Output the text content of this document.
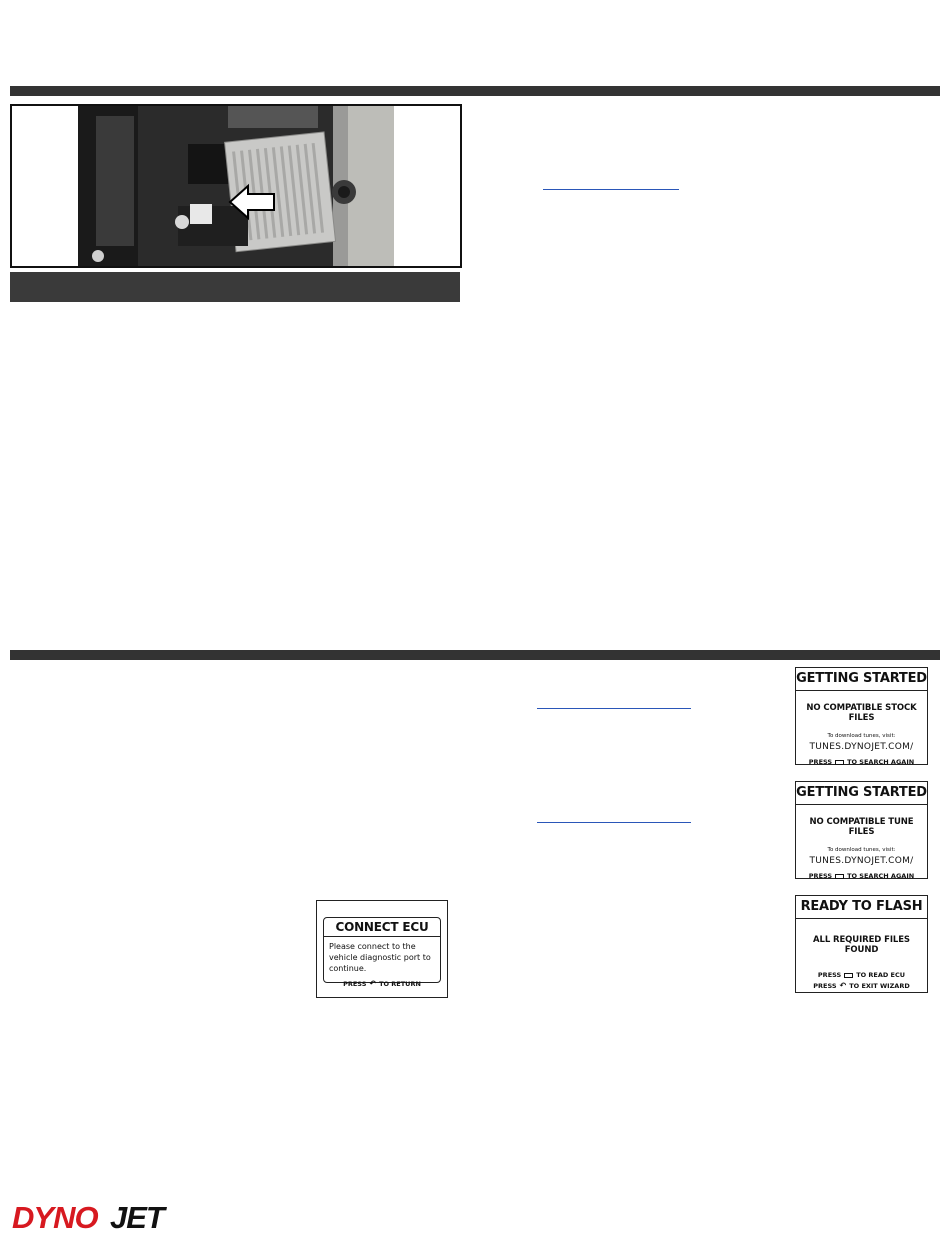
GETTING STARTED
NO COMPATIBLE STOCK FILES
To download tunes, visit:
TUNES.DYNOJET.COM/
PRESS TO SEARCH AGAIN
GETTING STARTED
NO COMPATIBLE TUNE FILES
To download tunes, visit:
TUNES.DYNOJET.COM/
PRESS TO SEARCH AGAIN
READY TO FLASH
ALL REQUIRED FILES FOUND
PRESS TO READ ECU
PRESS ↶ TO EXIT WIZARD
CONNECT ECU
Please connect to the vehicle diagnostic port to continue.
PRESS ↶ TO RETURN
DYNO JET
